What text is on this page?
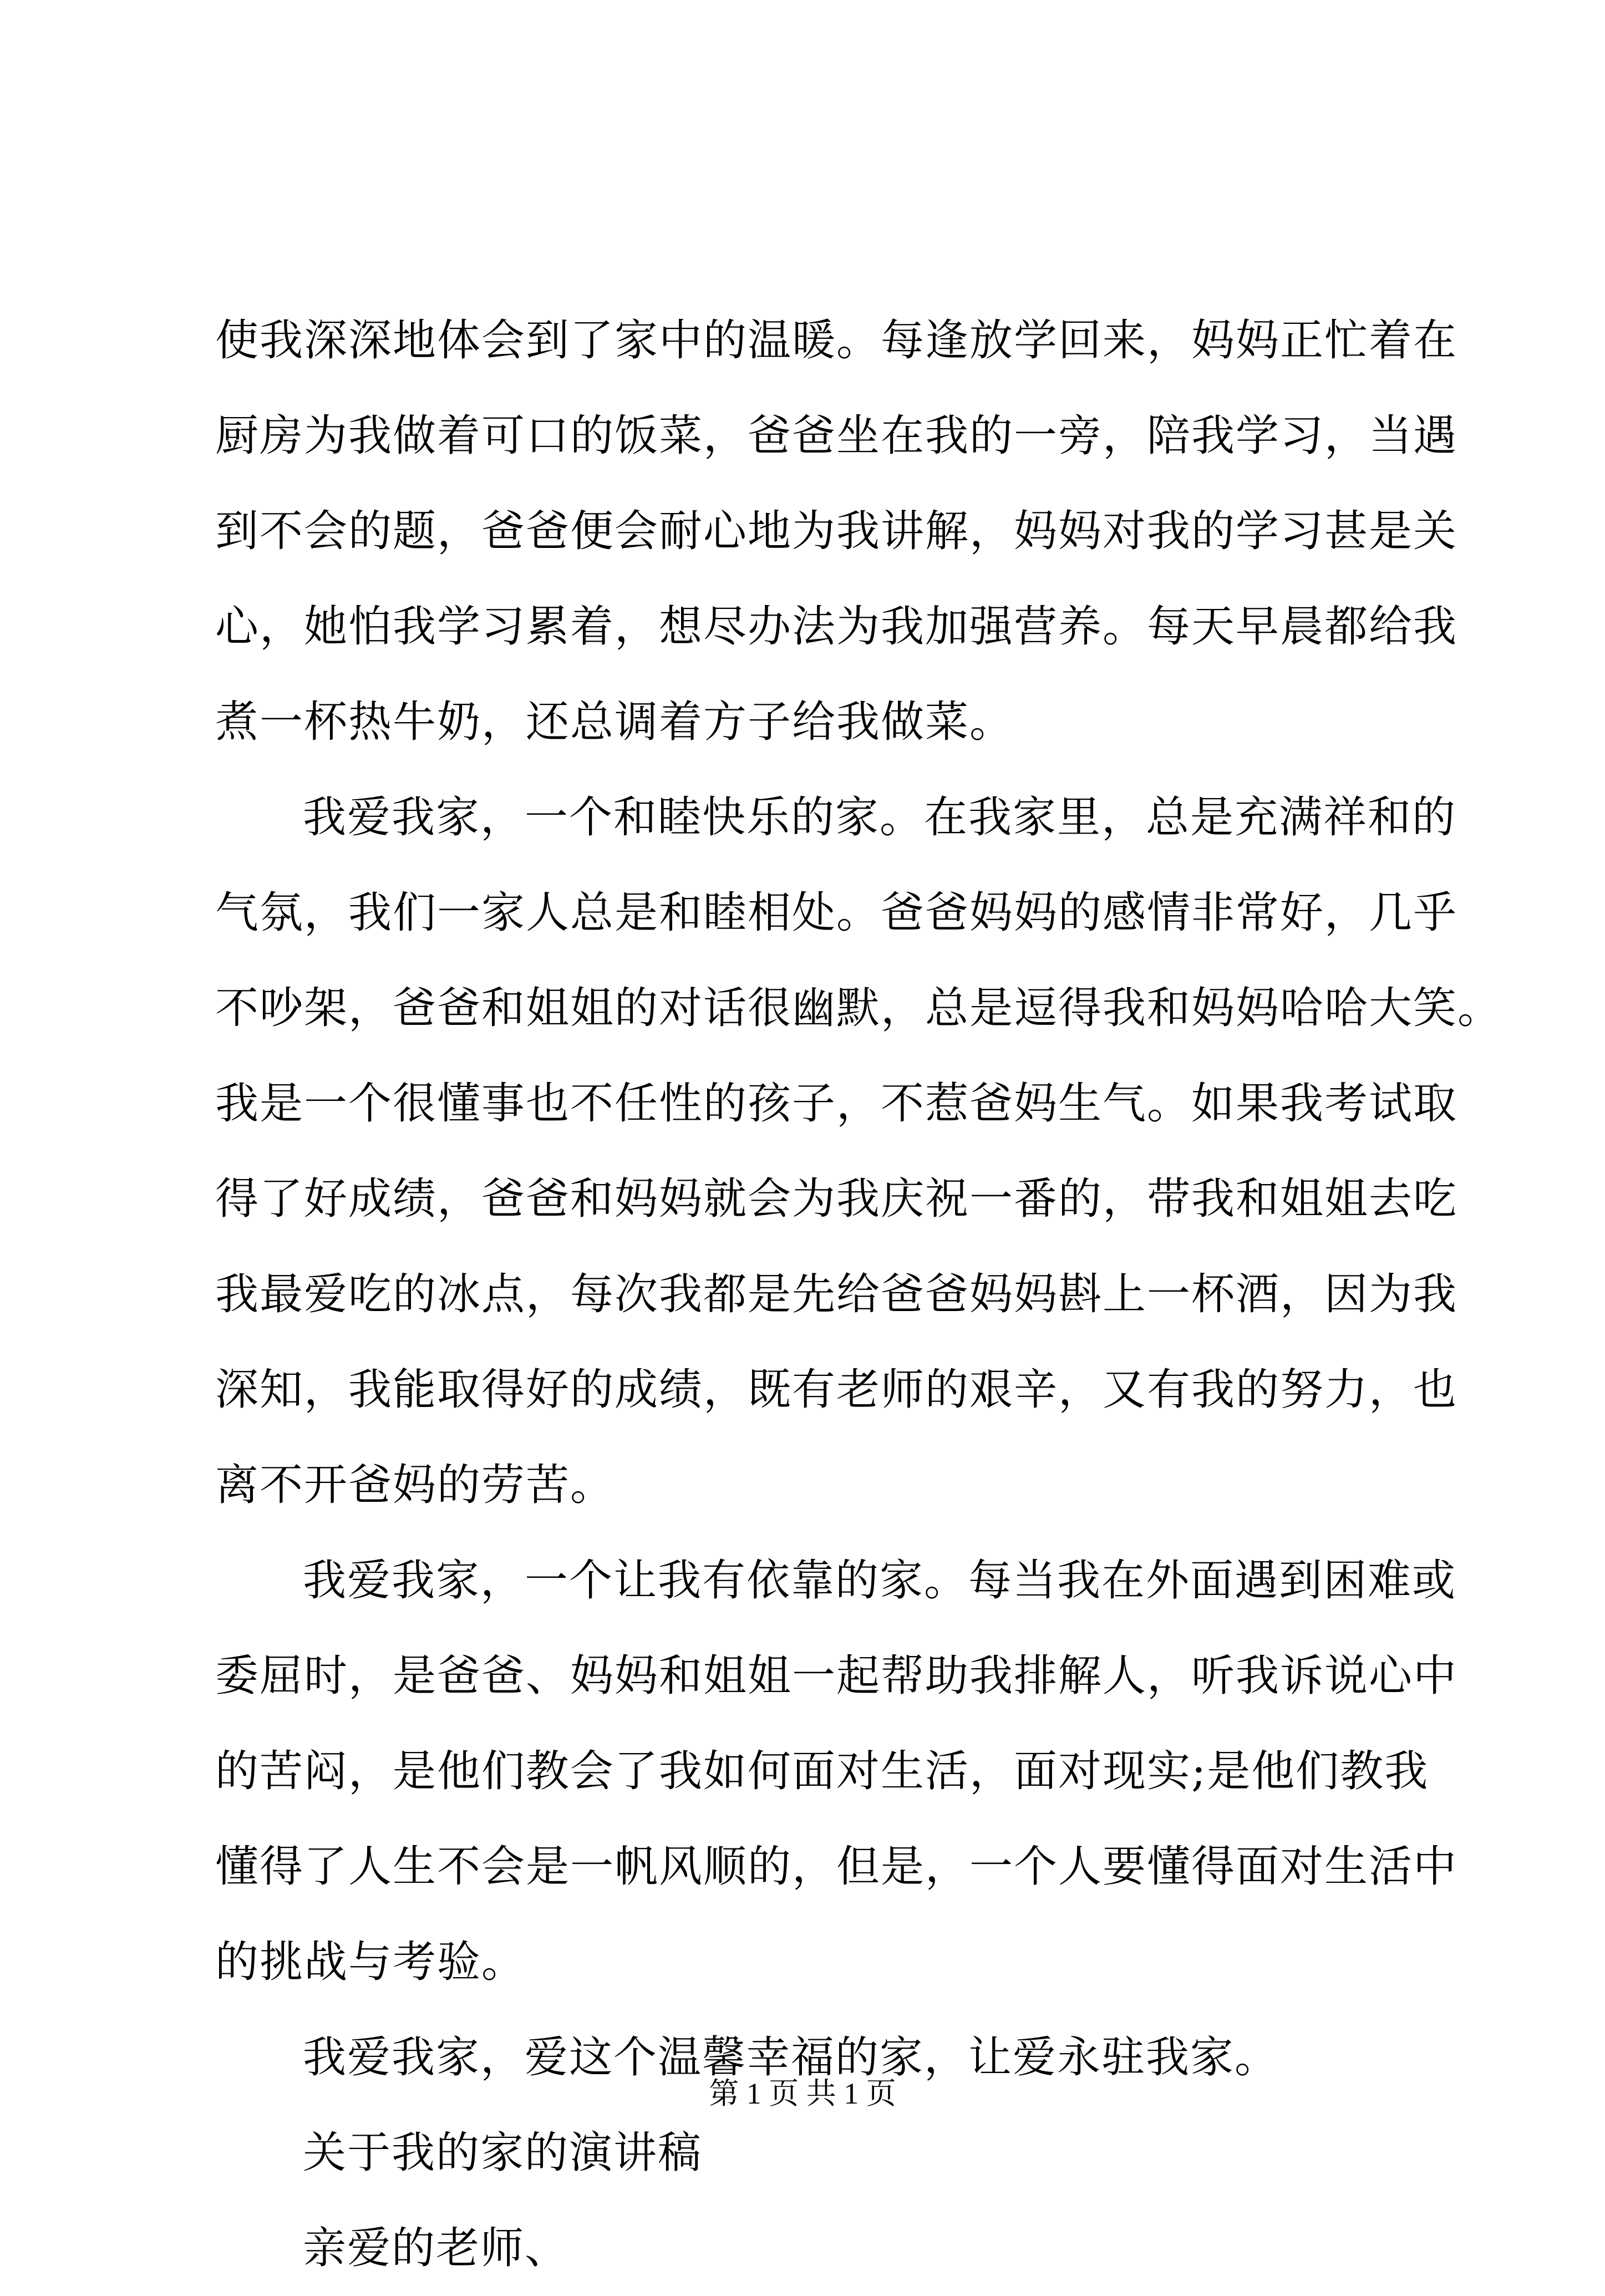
使我深深地体会到了家中的温暖。每逢放学回来，妈妈正忙着在
厨房为我做着可口的饭菜，爸爸坐在我的一旁，陪我学习，当遇
到不会的题，爸爸便会耐心地为我讲解，妈妈对我的学习甚是关
心，她怕我学习累着，想尽办法为我加强营养。每天早晨都给我
煮一杯热牛奶，还总调着方子给我做菜。
我爱我家，一个和睦快乐的家。在我家里，总是充满祥和的
气氛，我们一家人总是和睦相处。爸爸妈妈的感情非常好，几乎
不吵架，爸爸和姐姐的对话很幽默，总是逗得我和妈妈哈哈大笑。
我是一个很懂事也不任性的孩子，不惹爸妈生气。如果我考试取
得了好成绩，爸爸和妈妈就会为我庆祝一番的，带我和姐姐去吃
我最爱吃的冰点，每次我都是先给爸爸妈妈斟上一杯酒，因为我
深知，我能取得好的成绩，既有老师的艰辛，又有我的努力，也
离不开爸妈的劳苦。
我爱我家，一个让我有依靠的家。每当我在外面遇到困难或
委屈时，是爸爸、妈妈和姐姐一起帮助我排解人，听我诉说心中
的苦闷，是他们教会了我如何面对生活，面对现实;是他们教我
懂得了人生不会是一帆风顺的，但是，一个人要懂得面对生活中
的挑战与考验。
我爱我家，爱这个温馨幸福的家，让爱永驻我家。
关于我的家的演讲稿
亲爱的老师、
第 1 页 共 1 页
